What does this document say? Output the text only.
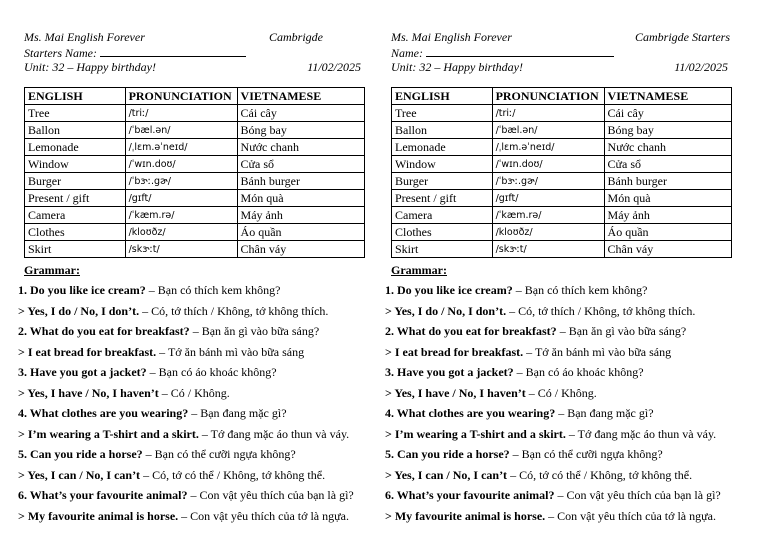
Ms. Mai English Forever	Cambrigde
Starters Name:
Unit: 32 – Happy birthday!	11/02/2025
ENGLISH	PRONUNCIATION	VIETNAMESE
Tree	/triː/	Cái cây
Ballon	/ˈbæl.ən/	Bóng bay
Lemonade	/ˌlɛm.əˈneɪd/	Nước chanh
Window	/ˈwɪn.doʊ/	Cửa sổ
Burger	/ˈbɝː.gɚ/	Bánh burger
Present / gift	/gɪft/	Món quà
Camera	/ˈkæm.rə/	Máy ảnh
Clothes	/kloʊðz/	Áo quần
Skirt	/skɝːt/	Chân váy
Grammar:
1. Do you like ice cream? – Bạn có thích kem không?
> Yes, I do / No, I don’t. – Có, tớ thích / Không, tớ không thích.
2. What do you eat for breakfast? – Bạn ăn gì vào bữa sáng?
> I eat bread for breakfast. – Tớ ăn bánh mì vào bữa sáng
3. Have you got a jacket? – Bạn có áo khoác không?
> Yes, I have / No, I haven’t – Có / Không.
4. What clothes are you wearing? – Bạn đang mặc gì?
> I’m wearing a T-shirt and a skirt. – Tớ đang mặc áo thun và váy.
5. Can you ride a horse? – Bạn có thể cưỡi ngựa không?
> Yes, I can / No, I can’t – Có, tớ có thể / Không, tớ không thể.
6. What’s your favourite animal? – Con vật yêu thích của bạn là gì?
> My favourite animal is horse. – Con vật yêu thích của tớ là ngựa.
Ms. Mai English Forever	Cambrigde Starters
Name:
Unit: 32 – Happy birthday!	11/02/2025
ENGLISH	PRONUNCIATION	VIETNAMESE
Tree	/triː/	Cái cây
Ballon	/ˈbæl.ən/	Bóng bay
Lemonade	/ˌlɛm.əˈneɪd/	Nước chanh
Window	/ˈwɪn.doʊ/	Cửa sổ
Burger	/ˈbɝː.gɚ/	Bánh burger
Present / gift	/gɪft/	Món quà
Camera	/ˈkæm.rə/	Máy ảnh
Clothes	/kloʊðz/	Áo quần
Skirt	/skɝːt/	Chân váy
Grammar:
1. Do you like ice cream? – Bạn có thích kem không?
> Yes, I do / No, I don’t. – Có, tớ thích / Không, tớ không thích.
2. What do you eat for breakfast? – Bạn ăn gì vào bữa sáng?
> I eat bread for breakfast. – Tớ ăn bánh mì vào bữa sáng
3. Have you got a jacket? – Bạn có áo khoác không?
> Yes, I have / No, I haven’t – Có / Không.
4. What clothes are you wearing? – Bạn đang mặc gì?
> I’m wearing a T-shirt and a skirt. – Tớ đang mặc áo thun và váy.
5. Can you ride a horse? – Bạn có thể cưỡi ngựa không?
> Yes, I can / No, I can’t – Có, tớ có thể / Không, tớ không thể.
6. What’s your favourite animal? – Con vật yêu thích của bạn là gì?
> My favourite animal is horse. – Con vật yêu thích của tớ là ngựa.
